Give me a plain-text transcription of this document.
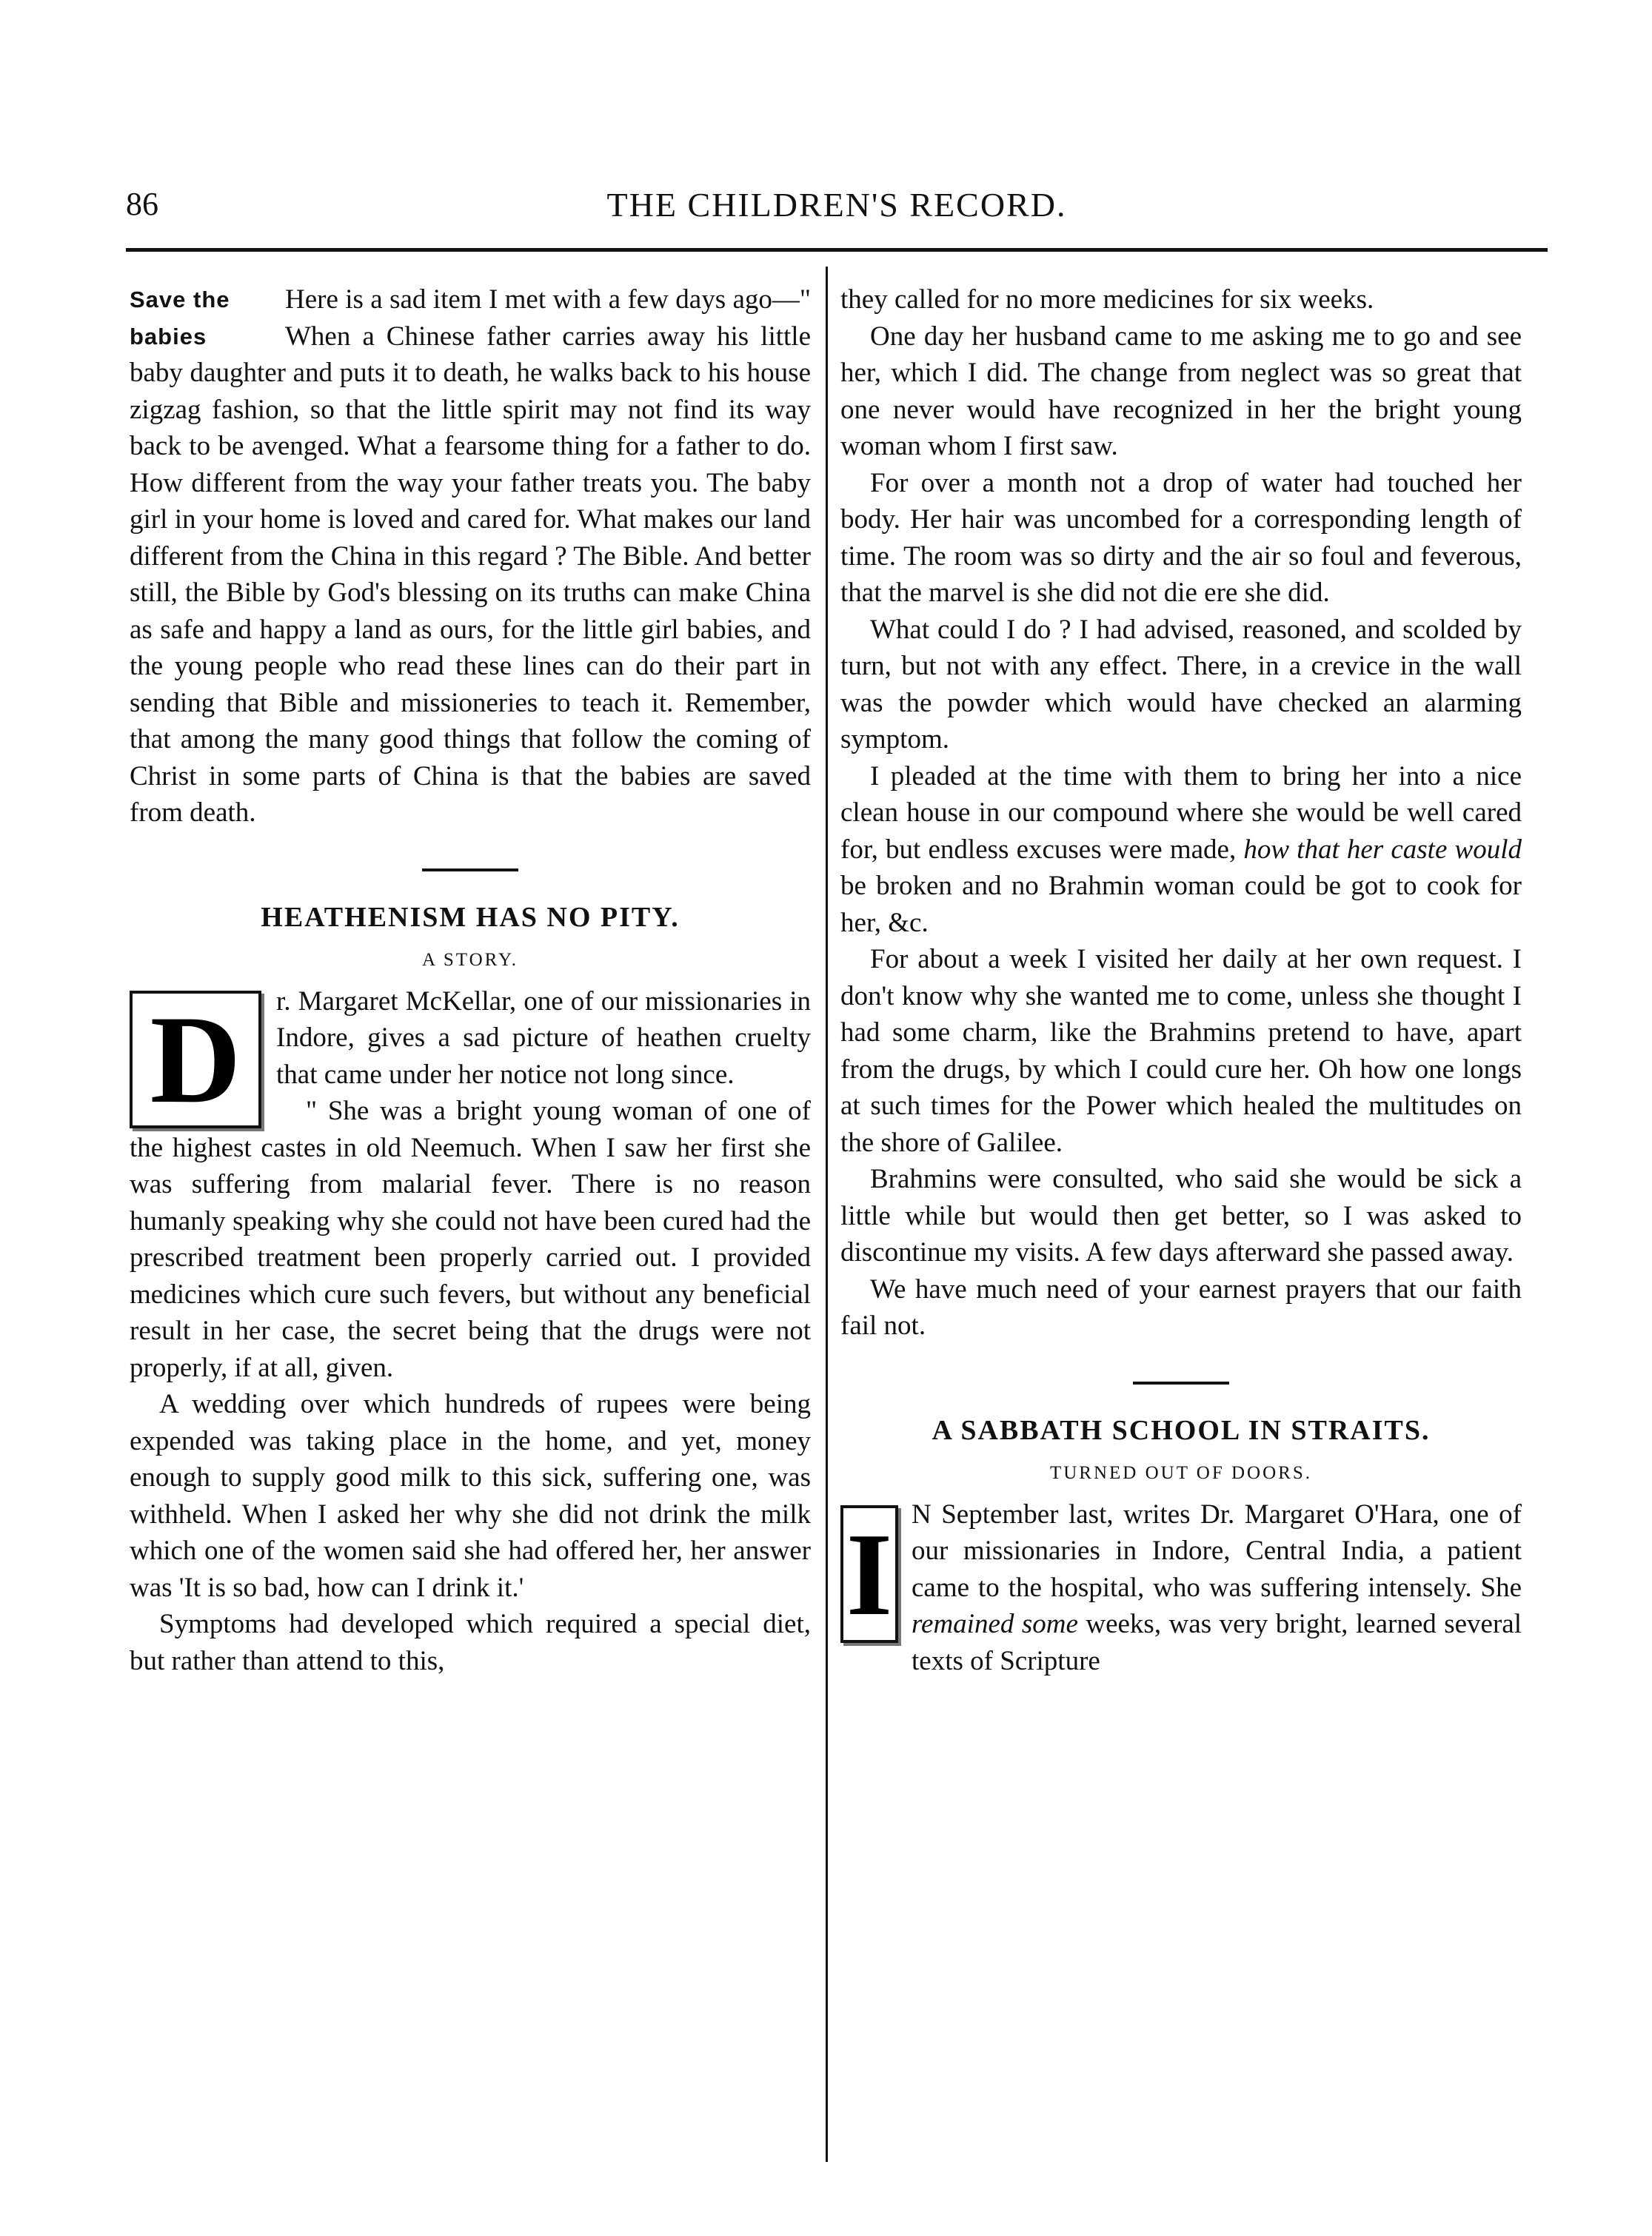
86	THE CHILDREN'S RECORD.

Save the
babies
Here is a sad item I met with a few days ago—" When a Chinese father carries away his little baby daughter and puts it to death, he walks back to his house zigzag fashion, so that the little spirit may not find its way back to be avenged. What a fearsome thing for a father to do. How different from the way your father treats you. The baby girl in your home is loved and cared for. What makes our land different from the China in this regard ? The Bible. And better still, the Bible by God's blessing on its truths can make China as safe and happy a land as ours, for the little girl babies, and the young people who read these lines can do their part in sending that Bible and missioneries to teach it. Remember, that among the many good things that follow the coming of Christ in some parts of China is that the babies are saved from death.

HEATHENISM HAS NO PITY.
A STORY.

D	r. Margaret McKellar, one of our missionaries in Indore, gives a sad picture of heathen cruelty that came under her notice not long since.

" She was a bright young woman of one of the highest castes in old Neemuch. When I saw her first she was suffering from malarial fever. There is no reason humanly speaking why she could not have been cured had the prescribed treatment been properly carried out. I provided medicines which cure such fevers, but without any beneficial result in her case, the secret being that the drugs were not properly, if at all, given.

A wedding over which hundreds of rupees were being expended was taking place in the home, and yet, money enough to supply good milk to this sick, suffering one, was withheld. When I asked her why she did not drink the milk which one of the women said she had offered her, her answer was 'It is so bad, how can I drink it.'

Symptoms had developed which required a special diet, but rather than attend to this,

they called for no more medicines for six weeks.

One day her husband came to me asking me to go and see her, which I did. The change from neglect was so great that one never would have recognized in her the bright young woman whom I first saw.

For over a month not a drop of water had touched her body. Her hair was uncombed for a corresponding length of time. The room was so dirty and the air so foul and feverous, that the marvel is she did not die ere she did.

What could I do ? I had advised, reasoned, and scolded by turn, but not with any effect. There, in a crevice in the wall was the powder which would have checked an alarming symptom.

I pleaded at the time with them to bring her into a nice clean house in our compound where she would be well cared for, but endless excuses were made, how that her caste would be broken and no Brahmin woman could be got to cook for her, &c.

For about a week I visited her daily at her own request. I don't know why she wanted me to come, unless she thought I had some charm, like the Brahmins pretend to have, apart from the drugs, by which I could cure her. Oh how one longs at such times for the Power which healed the multitudes on the shore of Galilee.

Brahmins were consulted, who said she would be sick a little while but would then get better, so I was asked to discontinue my visits. A few days afterward she passed away.

We have much need of your earnest prayers that our faith fail not.

A SABBATH SCHOOL IN STRAITS.
TURNED OUT OF DOORS.

I N September last, writes Dr. Margaret O'Hara, one of our missionaries in Indore, Central India, a patient came to the hospital, who was suffering intensely. She remained some weeks, was very bright, learned several texts of Scripture
